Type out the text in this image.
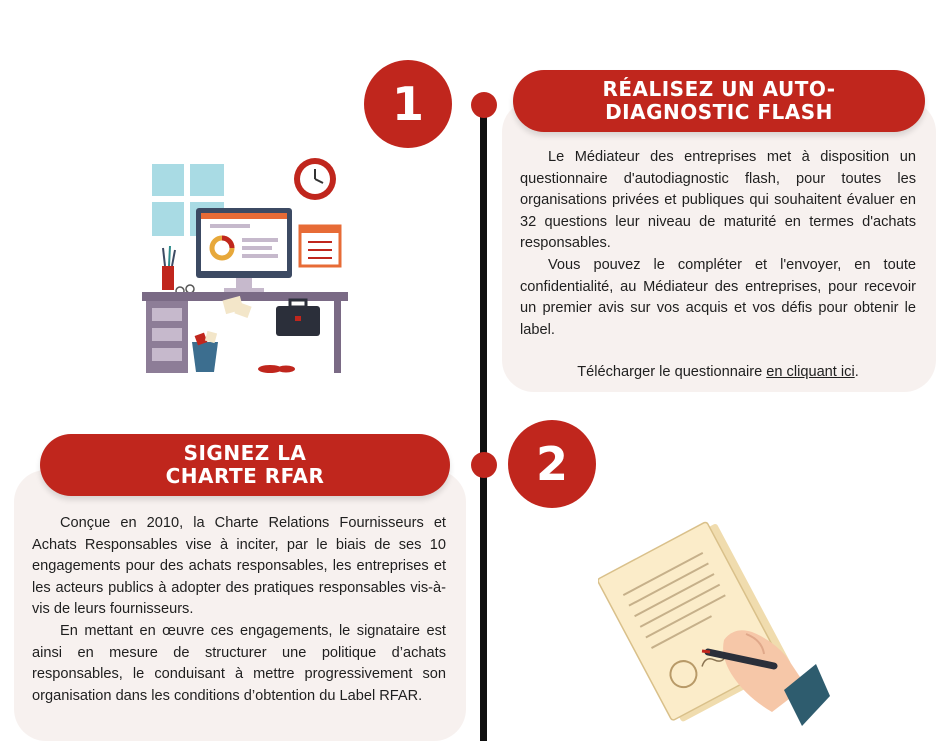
1	RÉALISEZ UN AUTO-
DIAGNOSTIC FLASH

Le Médiateur des entreprises met à disposition un questionnaire d'autodiagnostic flash, pour toutes les organisations privées et publiques qui souhaitent évaluer en 32 questions leur niveau de maturité en termes d'achats responsables.

Vous pouvez le compléter et l'envoyer, en toute confidentialité, au Médiateur des entreprises, pour recevoir un premier avis sur vos acquis et vos défis pour obtenir le label.

Télécharger le questionnaire en cliquant ici.

SIGNEZ LA
CHARTE RFAR

Conçue en 2010, la Charte Relations Fournisseurs et Achats Responsables vise à inciter, par le biais de ses 10 engagements pour des achats responsables, les entreprises et les acteurs publics à adopter des pratiques responsables vis-à-vis de leurs fournisseurs.

En mettant en œuvre ces engagements, le signataire est ainsi en mesure de structurer une politique d’achats responsables, le conduisant à mettre progressivement son organisation dans les conditions d’obtention du Label RFAR.

2
